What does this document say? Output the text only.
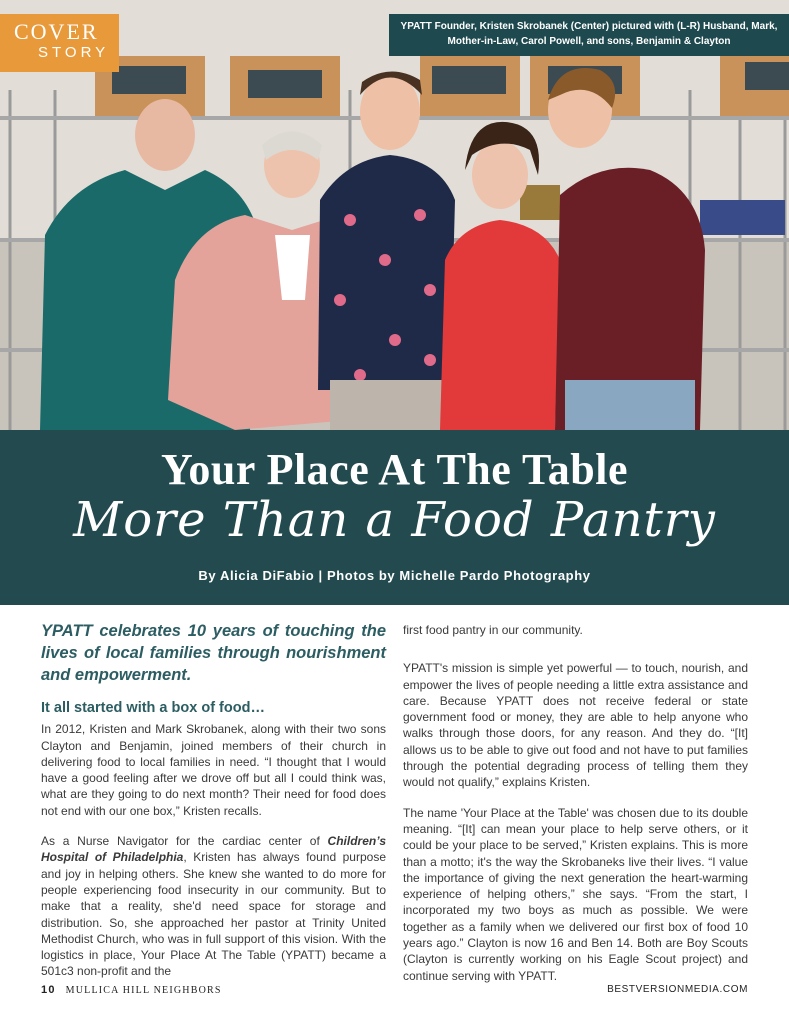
COVER
STORY
YPATT Founder, Kristen Skrobanek (Center) pictured with (L-R) Husband, Mark, Mother-in-Law, Carol Powell, and sons, Benjamin & Clayton
Your Place At The Table
More Than a Food Pantry
By Alicia DiFabio | Photos by Michelle Pardo Photography
YPATT celebrates 10 years of touching the lives of local families through nourishment and empowerment.
It all started with a box of food…

In 2012, Kristen and Mark Skrobanek, along with their two sons Clayton and Benjamin, joined members of their church in delivering food to local families in need. “I thought that I would have a good feeling after we drove off but all I could think was, what are they going to do next month? Their need for food does not end with our one box,” Kristen recalls.

As a Nurse Navigator for the cardiac center of Children’s Hospital of Philadelphia, Kristen has always found purpose and joy in helping others. She knew she wanted to do more for people experiencing food insecurity in our community. But to make that a reality, she'd need space for storage and distribution. So, she approached her pastor at Trinity United Methodist Church, who was in full support of this vision. With the logistics in place, Your Place At The Table (YPATT) became a 501c3 non-profit and the

first food pantry in our community.

YPATT's mission is simple yet powerful — to touch, nourish, and empower the lives of people needing a little extra assistance and care. Because YPATT does not receive federal or state government food or money, they are able to help anyone who walks through those doors, for any reason. And they do. “[It] allows us to be able to give out food and not have to put families through the potential degrading process of telling them they would not qualify,” explains Kristen.

The name 'Your Place at the Table' was chosen due to its double meaning. “[It] can mean your place to help serve others, or it could be your place to be served,” Kristen explains. This is more than a motto; it's the way the Skrobaneks live their lives. “I value the importance of giving the next generation the heart-warming experience of helping others,” she says. “From the start, I incorporated my two boys as much as possible. We were together as a family when we delivered our first box of food 10 years ago.” Clayton is now 16 and Ben 14. Both are Boy Scouts (Clayton is currently working on his Eagle Scout project) and continue serving with YPATT.

10 MULLICA HILL NEIGHBORS	BESTVERSIONMEDIA.COM
